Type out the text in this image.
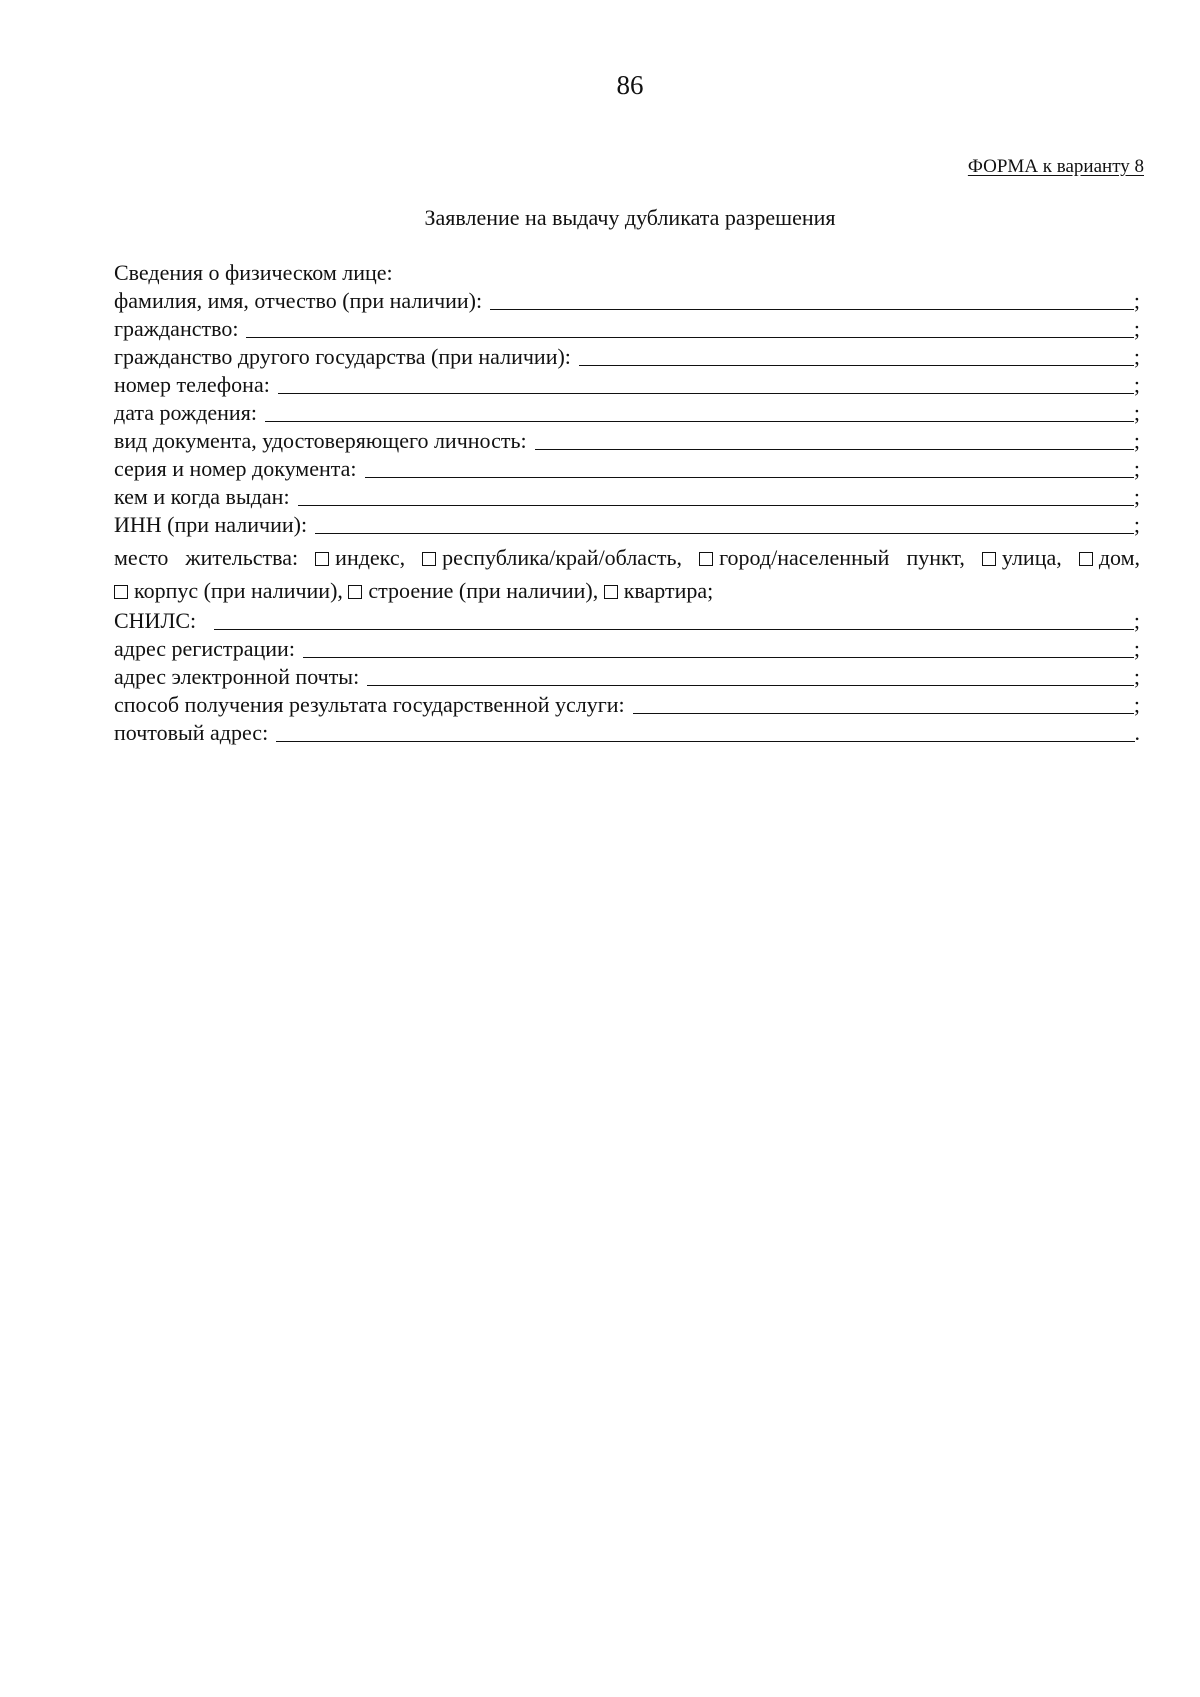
86
ФОРМА к варианту 8
Заявление на выдачу дубликата разрешения
Сведения о физическом лице:
фамилия, имя, отчество (при наличии):	;
гражданство:	;
гражданство другого государства (при наличии):	;
номер телефона:	;
дата рождения:	;
вид документа, удостоверяющего личность:	;
серия и номер документа:	;
кем и когда выдан:	;
ИНН (при наличии):	;
место жительства: индекс, республика/край/область, город/населенный пункт, улица, дом, корпус (при наличии), строение (при наличии), квартира;
СНИЛС:	;
адрес регистрации:	;
адрес электронной почты:	;
способ получения результата государственной услуги:	;
почтовый адрес:	.
